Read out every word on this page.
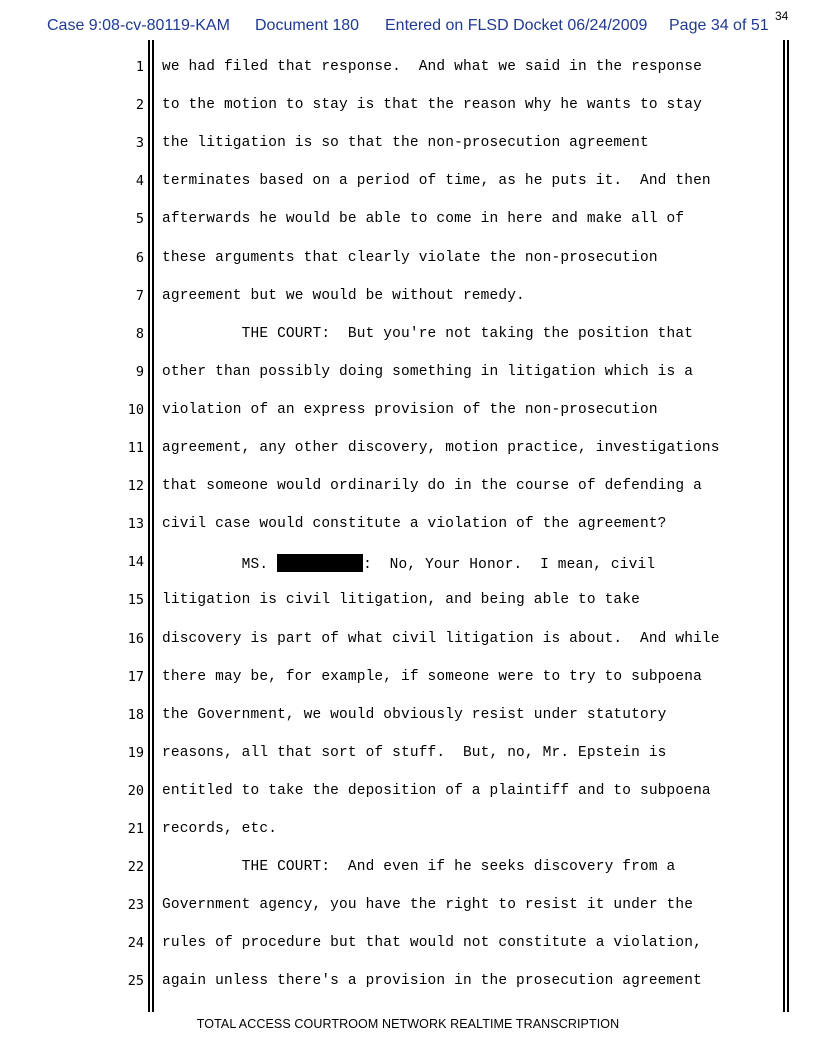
Case 9:08-cv-80119-KAM Document 180 Entered on FLSD Docket 06/24/2009 Page 34 of 51
34
1 we had filed that response.  And what we said in the response
2 to the motion to stay is that the reason why he wants to stay
3 the litigation is so that the non-prosecution agreement
4 terminates based on a period of time, as he puts it.  And then
5 afterwards he would be able to come in here and make all of
6 these arguments that clearly violate the non-prosecution
7 agreement but we would be without remedy.
8 THE COURT:  But you're not taking the position that
9 other than possibly doing something in litigation which is a
10 violation of an express provision of the non-prosecution
11 agreement, any other discovery, motion practice, investigations
12 that someone would ordinarily do in the course of defending a
13 civil case would constitute a violation of the agreement?
14 MS.	:  No, Your Honor.  I mean, civil
15 litigation is civil litigation, and being able to take
16 discovery is part of what civil litigation is about.  And while
17 there may be, for example, if someone were to try to subpoena
18 the Government, we would obviously resist under statutory
19 reasons, all that sort of stuff.  But, no, Mr. Epstein is
20 entitled to take the deposition of a plaintiff and to subpoena
21 records, etc.
22 THE COURT:  And even if he seeks discovery from a
23 Government agency, you have the right to resist it under the
24 rules of procedure but that would not constitute a violation,
25 again unless there's a provision in the prosecution agreement
TOTAL ACCESS COURTROOM NETWORK REALTIME TRANSCRIPTION
